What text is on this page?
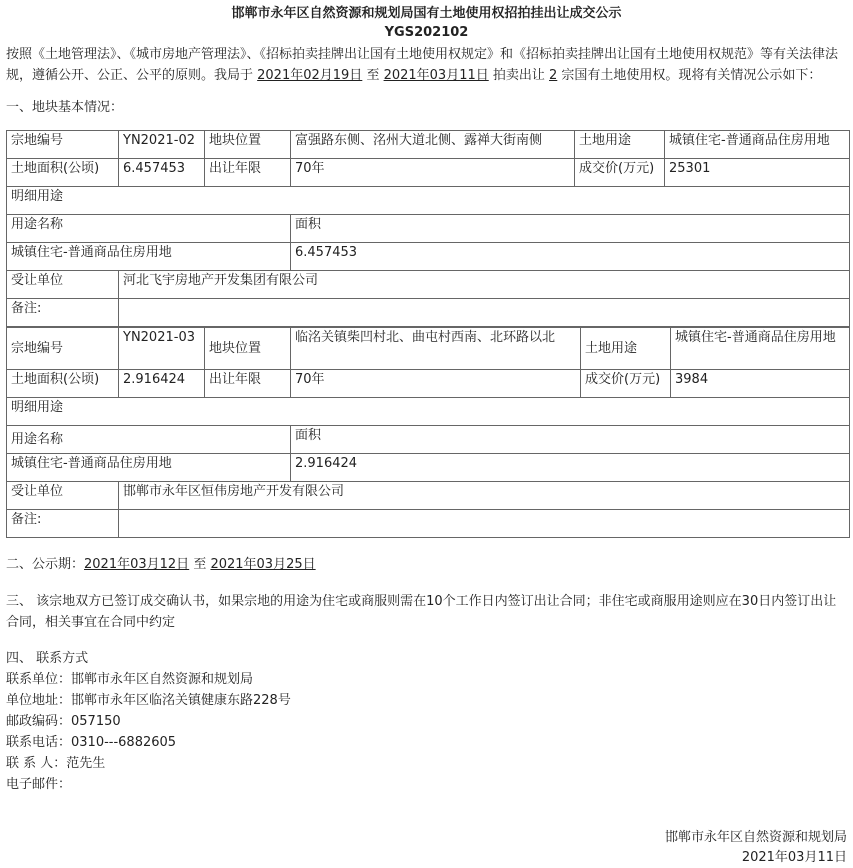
邯郸市永年区自然资源和规划局国有土地使用权招拍挂出让成交公示
YGS202102
按照《土地管理法》、《城市房地产管理法》、《招标拍卖挂牌出让国有土地使用权规定》和《招标拍卖挂牌出让国有土地使用权规范》等有关法律法规，遵循公开、公正、公平的原则。我局于 2021年02月19日 至 2021年03月11日 拍卖出让 2 宗国有土地使用权。现将有关情况公示如下：
一、地块基本情况：
宗地编号	YN2021-02	地块位置	富强路东侧、洺州大道北侧、露禅大街南侧	土地用途	城镇住宅-普通商品住房用地
土地面积(公顷)	6.457453	出让年限	70年	成交价(万元)	25301
明细用途					
用途名称			面积		
城镇住宅-普通商品住房用地			6.457453		
受让单位	河北飞宇房地产开发集团有限公司				
备注:					
宗地编号	YN2021-03	地块位置	临洺关镇柴凹村北、曲屯村西南、北环路以北	土地用途	城镇住宅-普通商品住房用地
土地面积(公顷)	2.916424	出让年限	70年	成交价(万元)	3984
明细用途					
用途名称			面积		
城镇住宅-普通商品住房用地			2.916424		
受让单位	邯郸市永年区恒伟房地产开发有限公司				
备注:					
二、公示期：2021年03月12日 至 2021年03月25日
三、 该宗地双方已签订成交确认书，如果宗地的用途为住宅或商服则需在10个工作日内签订出让合同；非住宅或商服用途则应在30日内签订出让合同，相关事宜在合同中约定
四、 联系方式
联系单位：邯郸市永年区自然资源和规划局
单位地址：邯郸市永年区临洺关镇健康东路228号
邮政编码：057150
联系电话：0310---6882605
联 系 人：范先生
电子邮件：
邯郸市永年区自然资源和规划局
2021年03月11日
